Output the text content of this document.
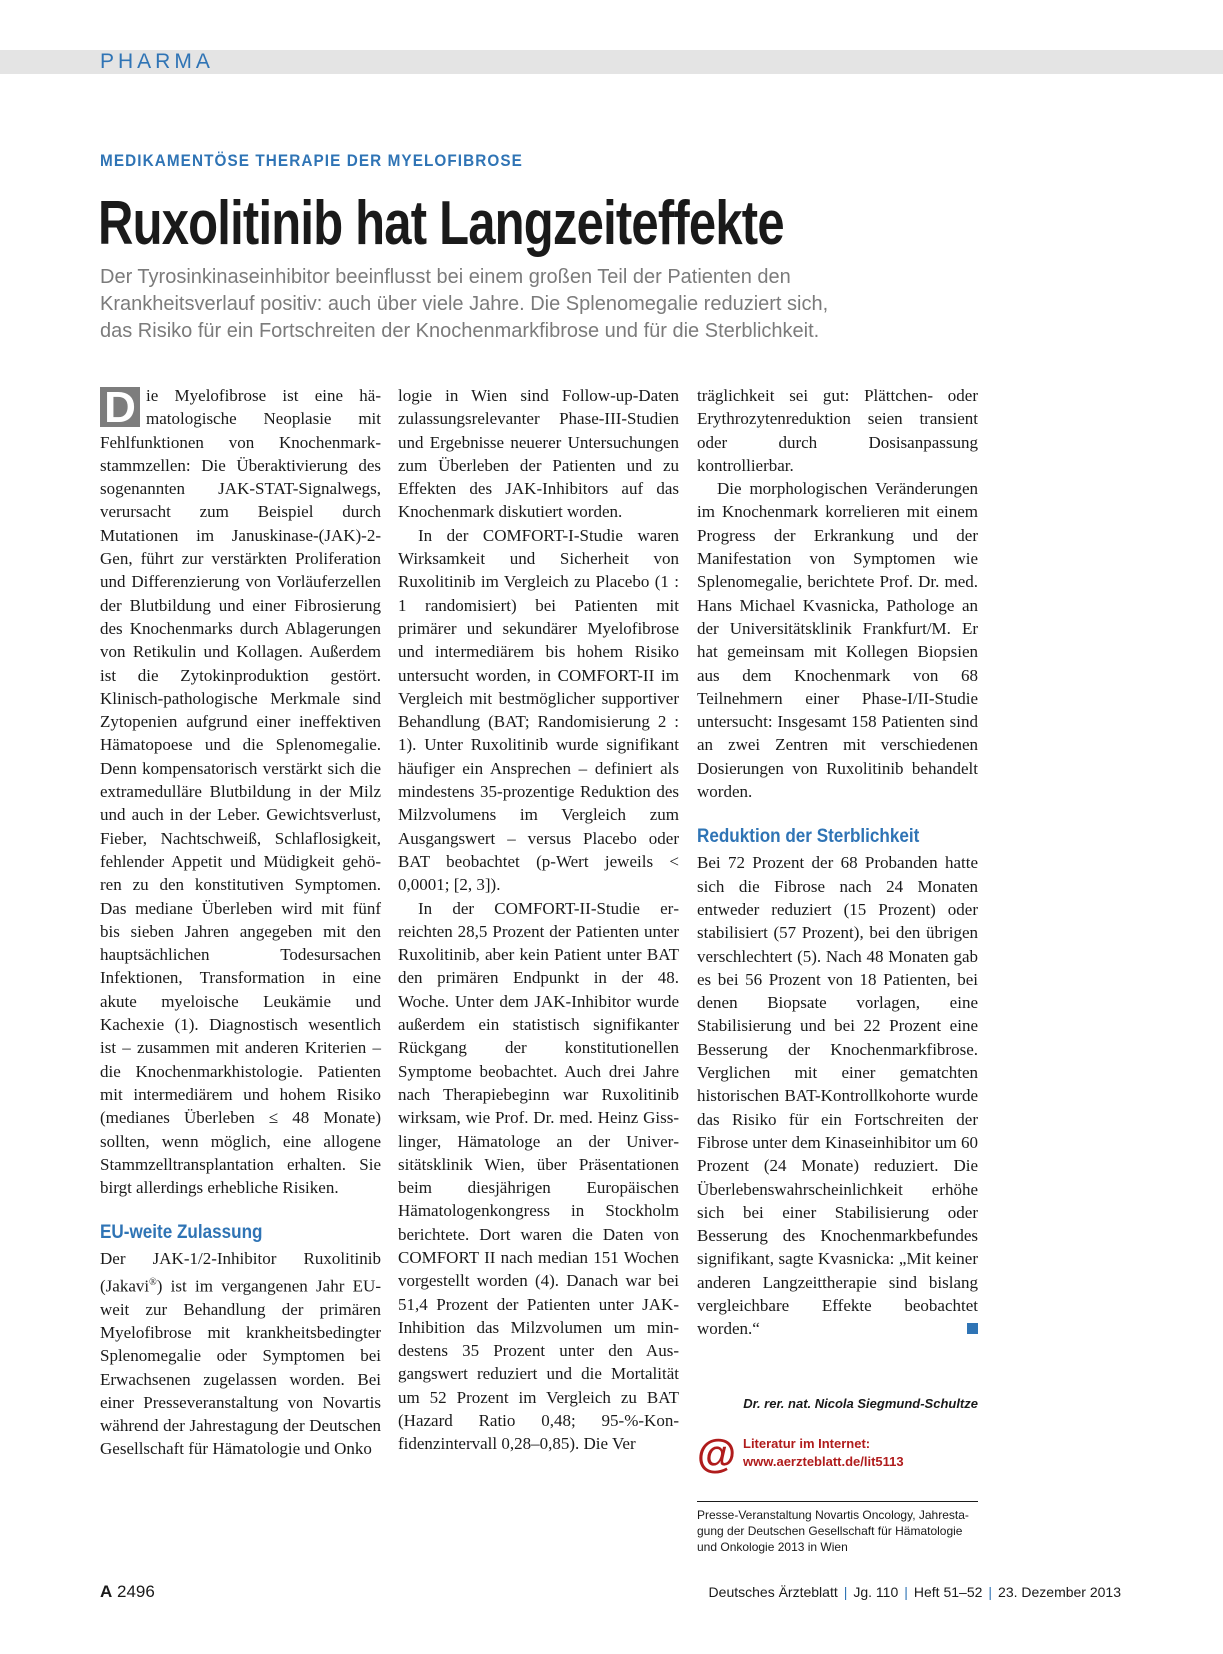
PHARMA
MEDIKAMENTÖSE THERAPIE DER MYELOFIBROSE
Ruxolitinib hat Langzeiteffekte

Der Tyrosinkinaseinhibitor beeinflusst bei einem großen Teil der Patienten den
Krankheitsverlauf positiv: auch über viele Jahre. Die Splenomegalie reduziert sich,
das Risiko für ein Fortschreiten der Knochenmarkfibrose und für die Sterblichkeit.

D ie Myelofibrose ist eine hämatologische Neoplasie mit Fehlfunktionen von Knochenmarkstammzellen: Die Überaktivierung des sogenannten JAK-STAT-Signalwegs, verursacht zum Beispiel durch Mutationen im Januskinase-(JAK)-2-Gen, führt zur verstärkten Proliferation und Differenzierung von Vorläuferzellen der Blutbildung und einer Fibrosierung des Knochenmarks durch Ablagerungen von Retikulin und Kollagen. Außerdem ist die Zytokinproduktion gestört. Klinisch-pathologische Merkmale sind Zytopenien aufgrund einer ineffektiven Hämatopoese und die Splenomegalie. Denn kompensatorisch verstärkt sich die extramedulläre Blutbildung in der Milz und auch in der Leber. Gewichtsverlust, Fieber, Nachtschweiß, Schlaflosigkeit, fehlender Appetit und Müdigkeit gehören zu den konstitutiven Symptomen. Das mediane Überleben wird mit fünf bis sieben Jahren angegeben mit den hauptsächlichen Todesursachen Infektionen, Transformation in eine akute myeloische Leukämie und Kachexie (1). Diagnostisch wesentlich ist – zusammen mit anderen Kriterien – die Knochenmarkhistologie. Patienten mit intermediärem und hohem Risiko (medianes Überleben ≤ 48 Monate) sollten, wenn möglich, eine allogene Stammzelltransplantation erhalten. Sie birgt allerdings erhebliche Risiken.

EU-weite Zulassung

Der JAK-1/2-Inhibitor Ruxolitinib (Jakavi®) ist im vergangenen Jahr EU-weit zur Behandlung der primären Myelofibrose mit krankheitsbedingter Splenomegalie oder Symptomen bei Erwachsenen zugelassen worden. Bei einer Presseveranstaltung von Novartis während der Jahrestagung der Deutschen Gesellschaft für Hämatologie und Onko

logie in Wien sind Follow-up-Daten zulassungsrelevanter Phase-III-Studien und Ergebnisse neuerer Untersuchungen zum Überleben der Patienten und zu Effekten des JAK-Inhibitors auf das Knochenmark diskutiert worden.

In der COMFORT-I-Studie waren Wirksamkeit und Sicherheit von Ruxolitinib im Vergleich zu Placebo (1 : 1 randomisiert) bei Patienten mit primärer und sekundärer Myelofibrose und intermediärem bis hohem Risiko untersucht worden, in COMFORT-II im Vergleich mit bestmöglicher supportiver Behandlung (BAT; Randomisierung 2 : 1). Unter Ruxolitinib wurde signifikant häufiger ein Ansprechen – definiert als mindestens 35-prozentige Reduktion des Milzvolumens im Vergleich zum Ausgangswert – versus Placebo oder BAT beobachtet (p-Wert jeweils < 0,0001; [2, 3]).

In der COMFORT-II-Studie erreichten 28,5 Prozent der Patienten unter Ruxolitinib, aber kein Patient unter BAT den primären Endpunkt in der 48. Woche. Unter dem JAK-Inhibitor wurde außerdem ein statistisch signifikanter Rückgang der konstitutionellen Symptome beobachtet. Auch drei Jahre nach Therapiebeginn war Ruxolitinib wirksam, wie Prof. Dr. med. Heinz Gisslinger, Hämatologe an der Universitätsklinik Wien, über Präsentationen beim diesjährigen Europäischen Hämatologenkongress in Stockholm berichtete. Dort waren die Daten von COMFORT II nach median 151 Wochen vorgestellt worden (4). Danach war bei 51,4 Prozent der Patienten unter JAK-Inhibition das Milzvolumen um mindestens 35 Prozent unter den Ausgangswert reduziert und die Mortalität um 52 Prozent im Vergleich zu BAT (Hazard Ratio 0,48; 95-%-Konfidenzintervall 0,28–0,85). Die Ver

träglichkeit sei gut: Plättchen- oder Erythrozytenreduktion seien transient oder durch Dosisanpassung kontrollierbar.

Die morphologischen Veränderungen im Knochenmark korrelieren mit einem Progress der Erkrankung und der Manifestation von Symptomen wie Splenomegalie, berichtete Prof. Dr. med. Hans Michael Kvasnicka, Pathologe an der Universitätsklinik Frankfurt/M. Er hat gemeinsam mit Kollegen Biopsien aus dem Knochenmark von 68 Teilnehmern einer Phase-I/II-Studie untersucht: Insgesamt 158 Patienten sind an zwei Zentren mit verschiedenen Dosierungen von Ruxolitinib behandelt worden.

Reduktion der Sterblichkeit

Bei 72 Prozent der 68 Probanden hatte sich die Fibrose nach 24 Monaten entweder reduziert (15 Prozent) oder stabilisiert (57 Prozent), bei den übrigen verschlechtert (5). Nach 48 Monaten gab es bei 56 Prozent von 18 Patienten, bei denen Biopsate vorlagen, eine Stabilisierung und bei 22 Prozent eine Besserung der Knochenmarkfibrose. Verglichen mit einer gematchten historischen BAT-Kontrollkohorte wurde das Risiko für ein Fortschreiten der Fibrose unter dem Kinaseinhibitor um 60 Prozent (24 Monate) reduziert. Die Überlebenswahrscheinlichkeit erhöhe sich bei einer Stabilisierung oder Besserung des Knochenmarkbefundes signifikant, sagte Kvasnicka: „Mit keiner anderen Langzeittherapie sind bislang vergleichbare Effekte beobachtet worden.“

Dr. rer. nat. Nicola Siegmund-Schultze
@ Literatur im Internet:
www.aerzteblatt.de/lit5113
Presse-Veranstaltung Novartis Oncology, Jahrestagung der Deutschen Gesellschaft für Hämatologie und Onkologie 2013 in Wien
A 2496	Deutsches Ärzteblatt | Jg. 110 | Heft 51–52 | 23. Dezember 2013
